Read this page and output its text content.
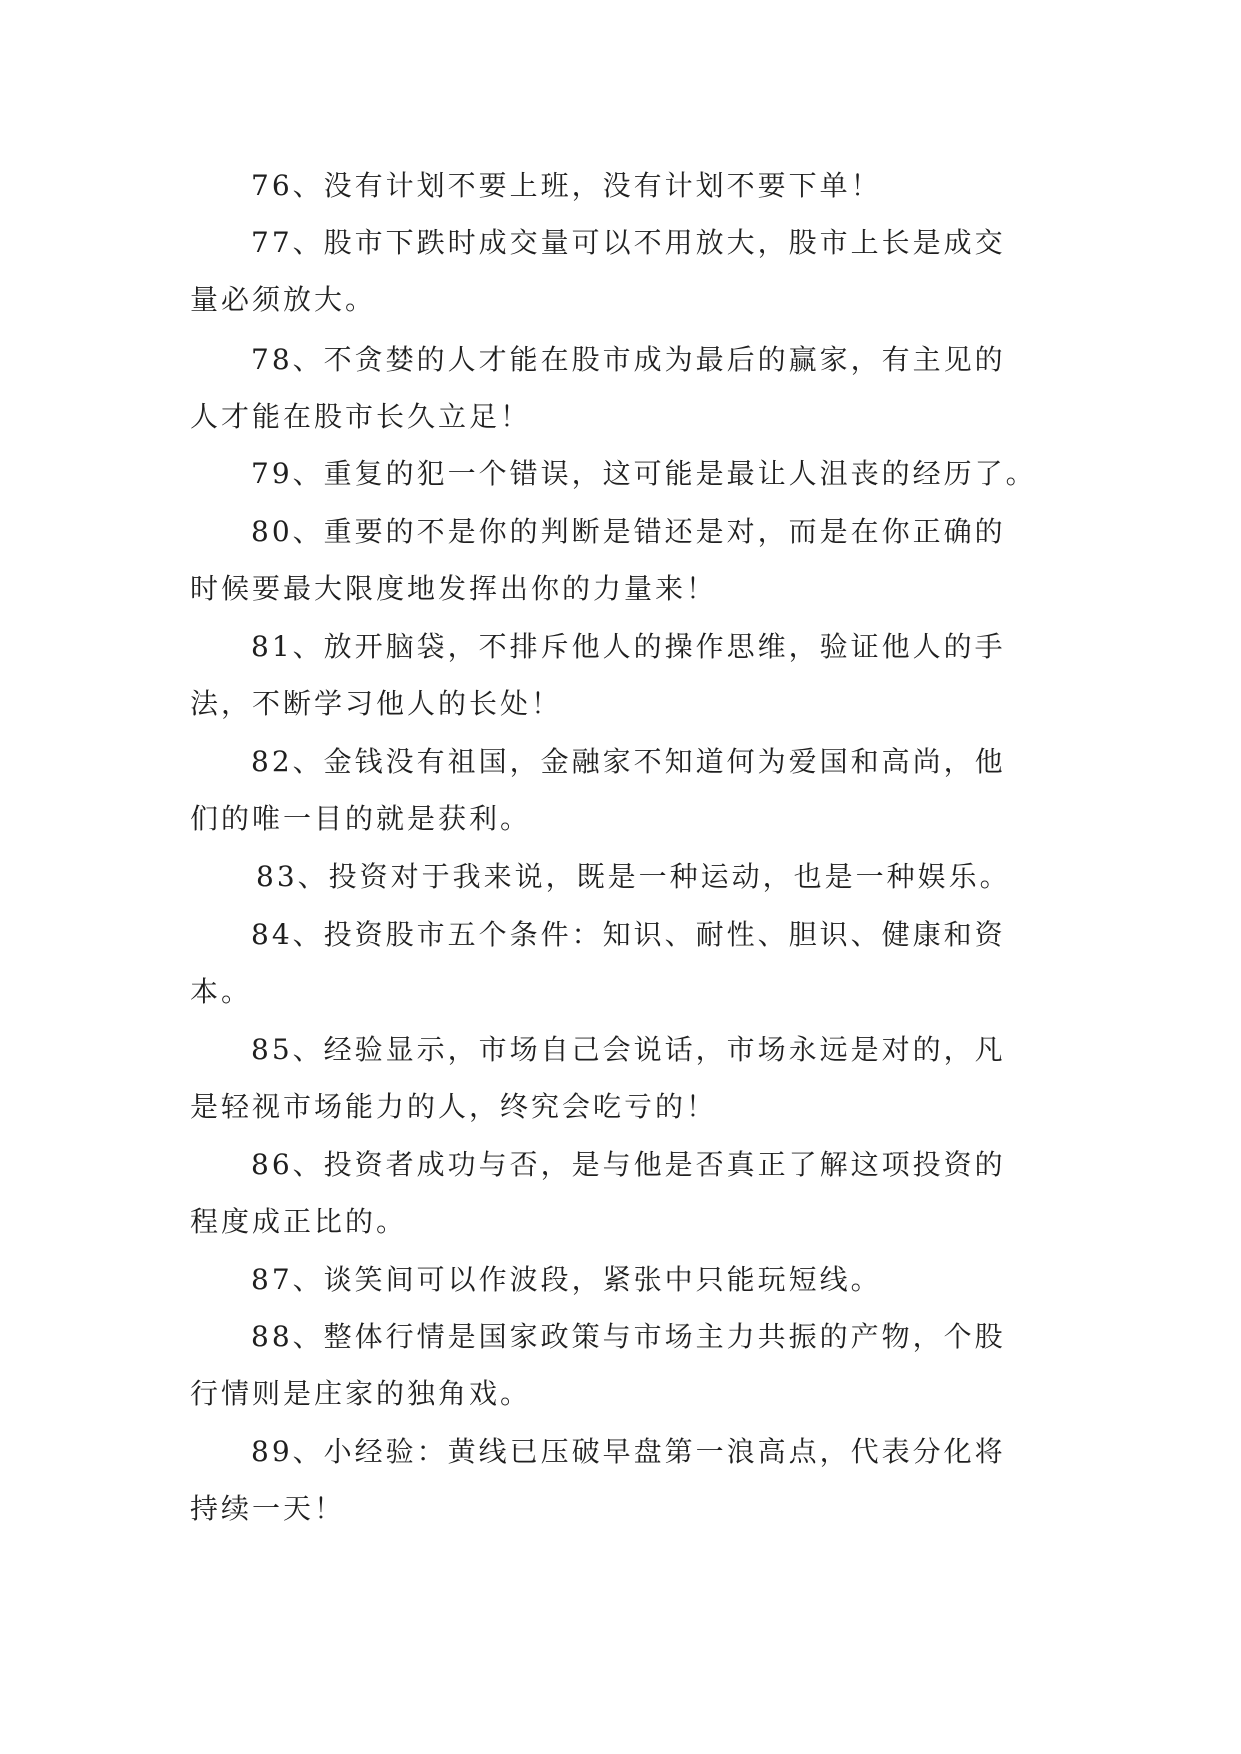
76、没有计划不要上班，没有计划不要下单！
77、股市下跌时成交量可以不用放大，股市上长是成交
量必须放大。
78、不贪婪的人才能在股市成为最后的赢家，有主见的
人才能在股市长久立足！
79、重复的犯一个错误，这可能是最让人沮丧的经历了。
80、重要的不是你的判断是错还是对，而是在你正确的
时候要最大限度地发挥出你的力量来！
81、放开脑袋，不排斥他人的操作思维，验证他人的手
法，不断学习他人的长处！
82、金钱没有祖国，金融家不知道何为爱国和高尚，他
们的唯一目的就是获利。
83、投资对于我来说，既是一种运动，也是一种娱乐。
84、投资股市五个条件：知识、耐性、胆识、健康和资
本。
85、经验显示，市场自己会说话，市场永远是对的，凡
是轻视市场能力的人，终究会吃亏的！
86、投资者成功与否，是与他是否真正了解这项投资的
程度成正比的。
87、谈笑间可以作波段，紧张中只能玩短线。
88、整体行情是国家政策与市场主力共振的产物，个股
行情则是庄家的独角戏。
89、小经验：黄线已压破早盘第一浪高点，代表分化将
持续一天！
